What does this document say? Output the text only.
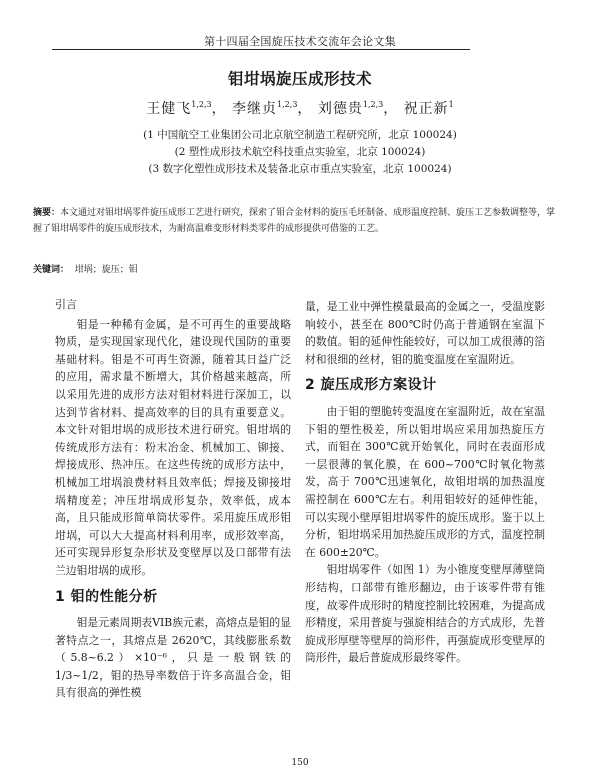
第十四届全国旋压技术交流年会论文集
钼坩埚旋压成形技术
王健飞$^{1,2,3}$， 李继贞$^{1,2,3}$， 刘德贵$^{1,2,3}$， 祝正新$^1$
(1 中国航空工业集团公司北京航空制造工程研究所，北京 100024)
(2 塑性成形技术航空科技重点实验室，北京 100024)
(3 数字化塑性成形技术及装备北京市重点实验室，北京 100024)
摘要：本文通过对钼坩埚零件旋压成形工艺进行研究，探索了钼合金材料的旋压毛坯制备、成形温度控制、旋压工艺参数调整等，掌握了钼坩埚零件的旋压成形技术，为耐高温难变形材料类零件的成形提供可借鉴的工艺。
关键词： 坩埚；旋压；钼
引言

钼是一种稀有金属，是不可再生的重要战略物质，是实现国家现代化，建设现代国防的重要基础材料。钼是不可再生资源，随着其日益广泛的应用，需求量不断增大，其价格越来越高，所以采用先进的成形方法对钼材料进行深加工，以达到节省材料、提高效率的目的具有重要意义。本文针对钼坩埚的成形技术进行研究。钼坩埚的传统成形方法有：粉末冶金、机械加工、铆接、焊接成形、热冲压。在这些传统的成形方法中，机械加工坩埚浪费材料且效率低；焊接及铆接坩埚精度差；冲压坩埚成形复杂，效率低，成本高，且只能成形简单筒状零件。采用旋压成形钼坩埚，可以大大提高材料利用率，成形效率高，还可实现异形复杂形状及变壁厚以及口部带有法兰边钼坩埚的成形。

1 钼的性能分析

钼是元素周期表VIB族元素，高熔点是钼的显著特点之一，其熔点是 2620℃，其线膨胀系数（5.8~6.2）×10⁻⁶，只是一般钢铁的 1/3~1/2，钼的热导率数倍于许多高温合金，钼具有很高的弹性模

量，是工业中弹性模量最高的金属之一，受温度影响较小，甚至在 800℃时仍高于普通钢在室温下的数值。钼的延伸性能较好，可以加工成很薄的箔材和很细的丝材，钼的脆变温度在室温附近。

2 旋压成形方案设计

由于钼的塑脆转变温度在室温附近，故在室温下钼的塑性极差，所以钼坩埚应采用加热旋压方式，而钼在 300℃就开始氧化，同时在表面形成一层很薄的氧化膜，在 600~700℃时氧化物蒸发，高于 700℃迅速氧化，故钼坩埚的加热温度需控制在 600℃左右。利用钼较好的延伸性能，可以实现小壁厚钼坩埚零件的旋压成形。鉴于以上分析，钼坩埚采用加热旋压成形的方式，温度控制在 600±20℃。

钼坩埚零件（如图 1）为小锥度变壁厚薄壁筒形结构，口部带有锥形翻边，由于该零件带有锥度，故零件成形时的精度控制比较困难，为提高成形精度，采用普旋与强旋相结合的方式成形，先普旋成形厚壁等壁厚的筒形件，再强旋成形变壁厚的筒形件，最后普旋成形最终零件。

150
